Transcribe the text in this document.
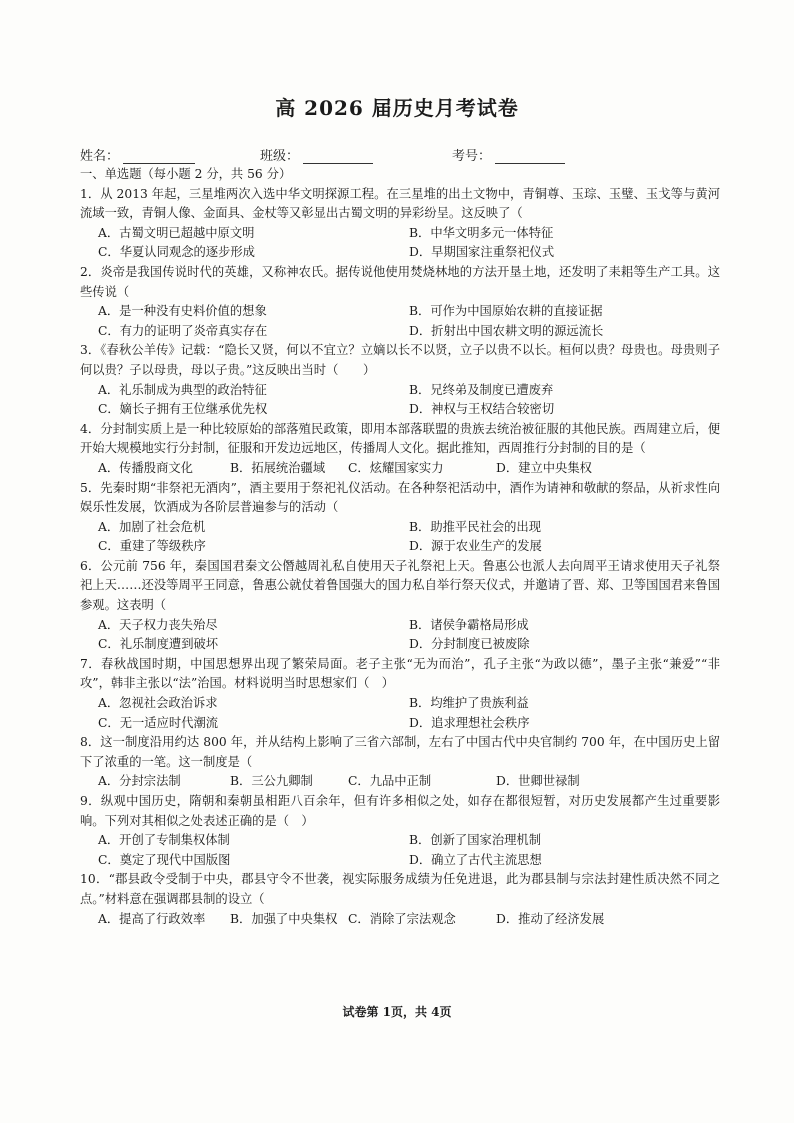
高 2026 届历史月考试卷
姓名：	班级：	考号：

一、单选题（每小题 2 分，共 56 分）

1．从 2013 年起，三星堆两次入选中华文明探源工程。在三星堆的出土文物中，青铜尊、玉琮、玉璧、玉戈等与黄河流域一致，青铜人像、金面具、金杖等又彰显出古蜀文明的异彩纷呈。这反映了（

A．古蜀文明已超越中原文明	B．中华文明多元一体特征
C．华夏认同观念的逐步形成	D．早期国家注重祭祀仪式

2．炎帝是我国传说时代的英雄，又称神农氏。据传说他使用焚烧林地的方法开垦土地，还发明了耒耜等生产工具。这些传说（

A．是一种没有史料价值的想象	B．可作为中国原始农耕的直接证据
C．有力的证明了炎帝真实存在	D．折射出中国农耕文明的源远流长

3．《春秋公羊传》记载：“隐长又贤，何以不宜立？立嫡以长不以贤，立子以贵不以长。桓何以贵？母贵也。母贵则子何以贵？子以母贵，母以子贵。”这反映出当时（　　）

A．礼乐制成为典型的政治特征	B．兄终弟及制度已遭废弃
C．嫡长子拥有王位继承优先权	D．神权与王权结合较密切

4．分封制实质上是一种比较原始的部落殖民政策，即用本部落联盟的贵族去统治被征服的其他民族。西周建立后，便开始大规模地实行分封制，征服和开发边远地区，传播周人文化。据此推知，西周推行分封制的目的是（

A．传播殷商文化	B．拓展统治疆域	C．炫耀国家实力	D．建立中央集权

5．先秦时期“非祭祀无酒肉”，酒主要用于祭祀礼仪活动。在各种祭祀活动中，酒作为请神和敬献的祭品，从祈求性向娱乐性发展，饮酒成为各阶层普遍参与的活动（

A．加剧了社会危机	B．助推平民社会的出现
C．重建了等级秩序	D．源于农业生产的发展

6．公元前 756 年，秦国国君秦文公僭越周礼私自使用天子礼祭祀上天。鲁惠公也派人去向周平王请求使用天子礼祭祀上天……还没等周平王同意，鲁惠公就仗着鲁国强大的国力私自举行祭天仪式，并邀请了晋、郑、卫等国国君来鲁国参观。这表明（

A．天子权力丧失殆尽	B．诸侯争霸格局形成
C．礼乐制度遭到破坏	D．分封制度已被废除

7．春秋战国时期，中国思想界出现了繁荣局面。老子主张“无为而治”，孔子主张“为政以德”，墨子主张“兼爱”“非攻”，韩非主张以“法”治国。材料说明当时思想家们（　）

A．忽视社会政治诉求	B．均维护了贵族利益
C．无一适应时代潮流	D．追求理想社会秩序

8．这一制度沿用约达 800 年，并从结构上影响了三省六部制，左右了中国古代中央官制约 700 年，在中国历史上留下了浓重的一笔。这一制度是（

A．分封宗法制	B．三公九卿制	C．九品中正制	D．世卿世禄制

9．纵观中国历史，隋朝和秦朝虽相距八百余年，但有许多相似之处，如存在都很短暂，对历史发展都产生过重要影响。下列对其相似之处表述正确的是（　）

A．开创了专制集权体制	B．创新了国家治理机制
C．奠定了现代中国版图	D．确立了古代主流思想

10．“郡县政令受制于中央，郡县守令不世袭，视实际服务成绩为任免进退，此为郡县制与宗法封建性质决然不同之点。”材料意在强调郡县制的设立（

A．提高了行政效率	B．加强了中央集权 C．消除了宗法观念	D．推动了经济发展
试卷第 1页，共 4页
